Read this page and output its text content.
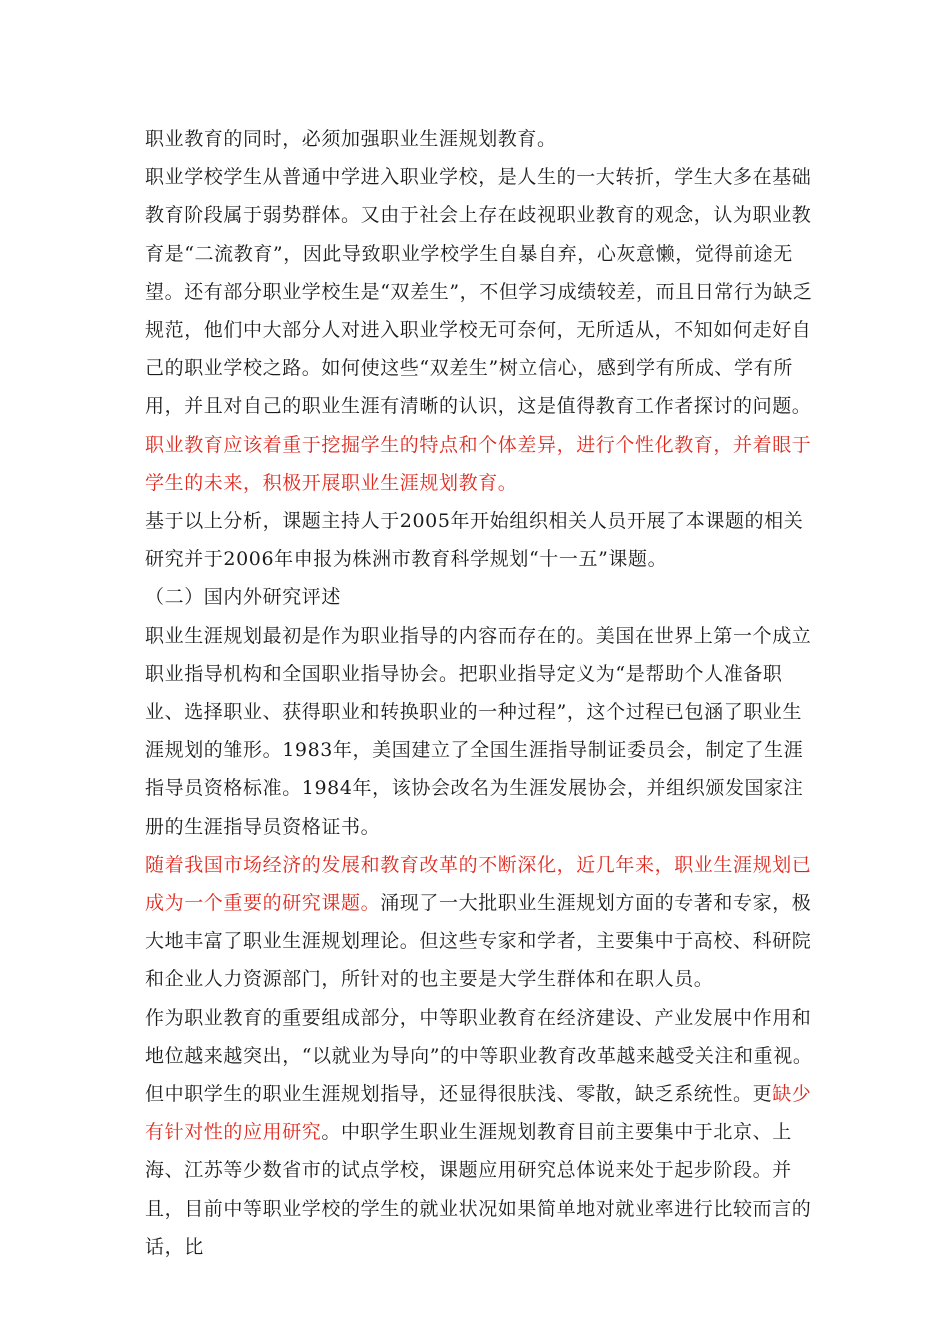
职业教育的同时，必须加强职业生涯规划教育。

职业学校学生从普通中学进入职业学校，是人生的一大转折，学生大多在基础教育阶段属于弱势群体。又由于社会上存在歧视职业教育的观念，认为职业教育是“二流教育”，因此导致职业学校学生自暴自弃，心灰意懒，觉得前途无望。还有部分职业学校生是“双差生”，不但学习成绩较差，而且日常行为缺乏规范，他们中大部分人对进入职业学校无可奈何，无所适从，不知如何走好自己的职业学校之路。如何使这些“双差生”树立信心，感到学有所成、学有所用，并且对自己的职业生涯有清晰的认识，这是值得教育工作者探讨的问题。

职业教育应该着重于挖掘学生的特点和个体差异，进行个性化教育，并着眼于学生的未来，积极开展职业生涯规划教育。

基于以上分析，课题主持人于2005年开始组织相关人员开展了本课题的相关研究并于2006年申报为株洲市教育科学规划“十一五”课题。

（二）国内外研究评述

职业生涯规划最初是作为职业指导的内容而存在的。美国在世界上第一个成立职业指导机构和全国职业指导协会。把职业指导定义为“是帮助个人准备职业、选择职业、获得职业和转换职业的一种过程”，这个过程已包涵了职业生涯规划的雏形。1983年，美国建立了全国生涯指导制证委员会，制定了生涯指导员资格标准。1984年，该协会改名为生涯发展协会，并组织颁发国家注册的生涯指导员资格证书。

随着我国市场经济的发展和教育改革的不断深化，近几年来，职业生涯规划已成为一个重要的研究课题。涌现了一大批职业生涯规划方面的专著和专家，极大地丰富了职业生涯规划理论。但这些专家和学者，主要集中于高校、科研院和企业人力资源部门，所针对的也主要是大学生群体和在职人员。

作为职业教育的重要组成部分，中等职业教育在经济建设、产业发展中作用和地位越来越突出，“以就业为导向”的中等职业教育改革越来越受关注和重视。但中职学生的职业生涯规划指导，还显得很肤浅、零散，缺乏系统性。更缺少有针对性的应用研究。中职学生职业生涯规划教育目前主要集中于北京、上海、江苏等少数省市的试点学校，课题应用研究总体说来处于起步阶段。并且，目前中等职业学校的学生的就业状况如果简单地对就业率进行比较而言的话，比
